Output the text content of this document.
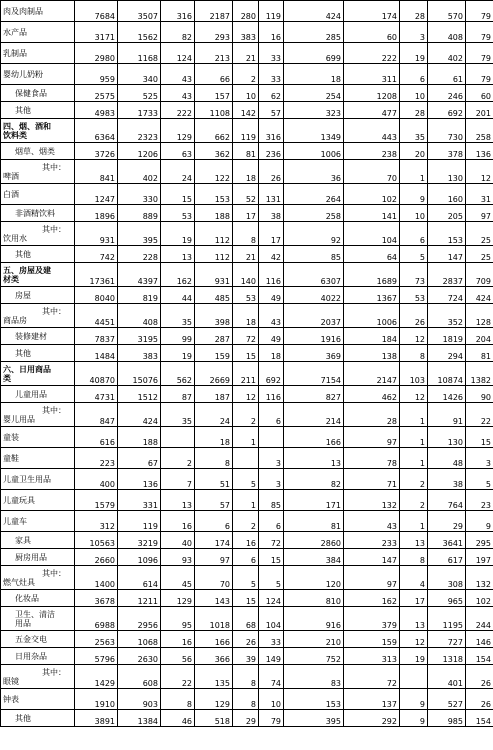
肉及肉制品	7684	3507	316	2187	280	119	424	174	28	570	79

水产品	3171	1562	82	293	383	16	285	60	3	408	79

乳制品	2980	1168	124	213	21	33	699	222	19	402	79

婴幼儿奶粉	959	340	43	66	2	33	18	311	6	61	79

保健食品	2575	525	43	157	10	62	254	1208	10	246	60

其他	4983	1733	222	1108	142	57	323	477	28	692	201

四、烟、酒和
饮料类	6364	2323	129	662	119	316	1349	443	35	730	258

烟草、烟类	3726	1206	63	362	81	236	1006	238	20	378	136

其中：
啤酒	841	402	24	122	18	26	36	70	1	130	12

白酒	1247	330	15	153	52	131	264	102	9	160	31

非酒精饮料	1896	889	53	188	17	38	258	141	10	205	97

其中：
饮用水	931	395	19	112	8	17	92	104	6	153	25

其他	742	228	13	112	21	42	85	64	5	147	25

五、房屋及建
材类	17361	4397	162	931	140	116	6307	1689	73	2837	709

房屋	8040	819	44	485	53	49	4022	1367	53	724	424

其中：
商品房	4451	408	35	398	18	43	2037	1006	26	352	128

装修建材	7837	3195	99	287	72	49	1916	184	12	1819	204

其他	1484	383	19	159	15	18	369	138	8	294	81

六、日用商品
类	40870	15076	562	2669	211	692	7154	2147	103	10874	1382

儿童用品	4731	1512	87	187	12	116	827	462	12	1426	90

其中：
婴儿用品	847	424	35	24	2	6	214	28	1	91	22

童装	616	188		18	1		166	97	1	130	15

童鞋	223	67	2	8		3	13	78	1	48	3

儿童卫生用品	400	136	7	51	5	3	82	71	2	38	5

儿童玩具	1579	331	13	57	1	85	171	132	2	764	23

儿童车	312	119	16	6	2	6	81	43	1	29	9

家具	10563	3219	40	174	16	72	2860	233	13	3641	295

厨房用品	2660	1096	93	97	6	15	384	147	8	617	197

其中：
燃气灶具	1400	614	45	70	5	5	120	97	4	308	132

化妆品	3678	1211	129	143	15	124	810	162	17	965	102

卫生、清洁
用品	6988	2956	95	1018	68	104	916	379	13	1195	244

五金交电	2563	1068	16	166	26	33	210	159	12	727	146

日用杂品	5796	2630	56	366	39	149	752	313	19	1318	154

其中：
眼镜	1429	608	22	135	8	74	83	72		401	26

钟表	1910	903	8	129	8	10	153	137	9	527	26

其他	3891	1384	46	518	29	79	395	292	9	985	154
